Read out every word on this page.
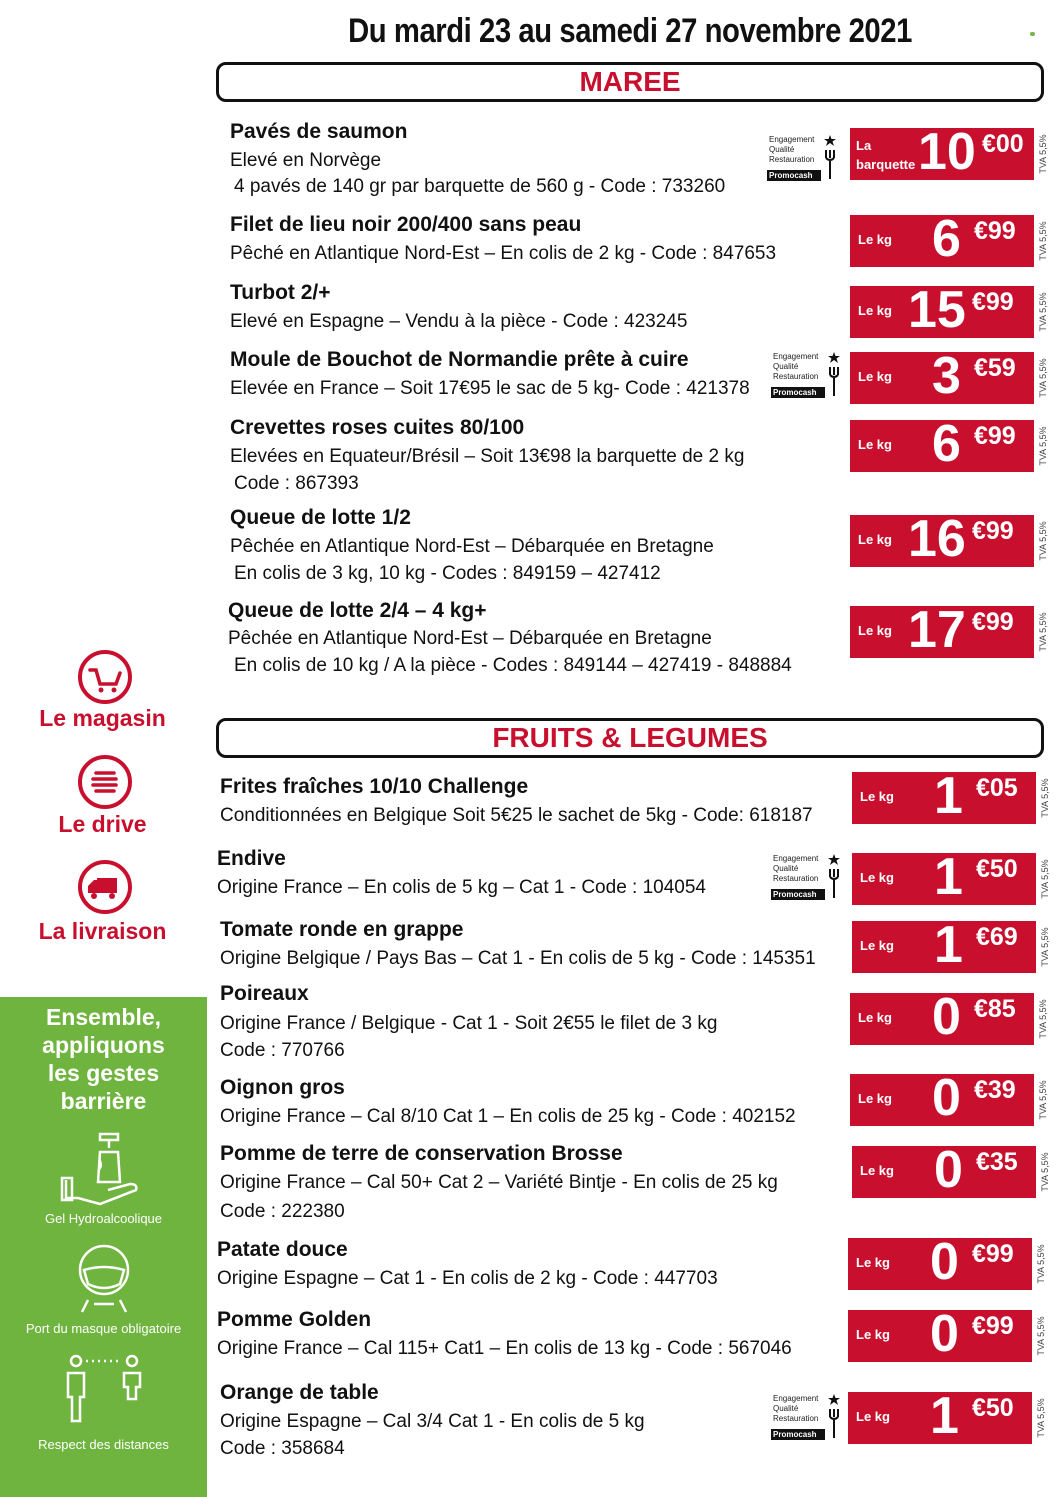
Du mardi 23 au samedi 27 novembre 2021
MAREE
FRUITS & LEGUMES
Pavés de saumon
Elevé en Norvège
4 pavés de 140 gr par barquette de 560 g - Code : 733260
La barquette 10 €00 TVA 5,5%
Engagement
Qualité
Restauration
Promocash
Filet de lieu noir 200/400 sans peau
Pêché en Atlantique Nord-Est – En colis de 2 kg - Code : 847653
Le kg 6 €99 TVA 5,5%
Turbot 2/+
Elevé en Espagne – Vendu à la pièce - Code : 423245
Le kg 15 €99	TVA 5,5%
Moule de Bouchot de Normandie prête à cuire
Elevée en France – Soit 17€95 le sac de 5 kg- Code : 421378
Le kg 3 €59 TVA 5,5%
Engagement
Qualité
Restauration
Promocash
Crevettes roses cuites 80/100
Elevées en Equateur/Brésil – Soit 13€98 la barquette de 2 kg
Code : 867393
Le kg 6 €99 TVA 5,5%
Queue de lotte 1/2
Pêchée en Atlantique Nord-Est – Débarquée en Bretagne
En colis de 3 kg, 10 kg - Codes : 849159 – 427412
Le kg 16 €99	TVA 5,5%
Queue de lotte 2/4 – 4 kg+
Pêchée en Atlantique Nord-Est – Débarquée en Bretagne
En colis de 10 kg / A la pièce - Codes : 849144 – 427419 - 848884
Le kg 17 €99	TVA 5,5%
Frites fraîches 10/10 Challenge
Conditionnées en Belgique Soit 5€25 le sachet de 5kg - Code: 618187
Le kg 1 €05 TVA 5,5%
Endive
Origine France – En colis de 5 kg – Cat 1 - Code : 104054	Le kg 1 €50 TVA 5,5%
Engagement
Qualité
Restauration
Promocash
Tomate ronde en grappe
Origine Belgique / Pays Bas – Cat 1 - En colis de 5 kg - Code : 145351
Le kg 1 €69 TVA 5,5%
Poireaux
Origine France / Belgique - Cat 1 - Soit 2€55 le filet de 3 kg
Code : 770766
Le kg 0 €85 TVA 5,5%
Oignon gros
Origine France – Cal 8/10 Cat 1 – En colis de 25 kg - Code : 402152
Le kg 0 €39 TVA 5,5%
Pomme de terre de conservation Brosse
Origine France – Cal 50+ Cat 2 – Variété Bintje - En colis de 25 kg
Code : 222380
Le kg 0 €35 TVA 5,5%
Patate douce
Origine Espagne – Cat 1 - En colis de 2 kg - Code : 447703
Le kg 0 €99 TVA 5,5%
Pomme Golden
Origine France – Cal 115+ Cat1 – En colis de 13 kg - Code : 567046
Le kg 0 €99 TVA 5,5%
Orange de table
Origine Espagne – Cal 3/4 Cat 1 - En colis de 5 kg
Code : 358684
Le kg 1 €50 TVA 5,5%
Engagement
Qualité
Restauration
Promocash
Le magasin
Le drive
La livraison
Ensemble,
appliquons
les gestes
barrière
Gel Hydroalcoolique
Port du masque obligatoire
Respect des distances
